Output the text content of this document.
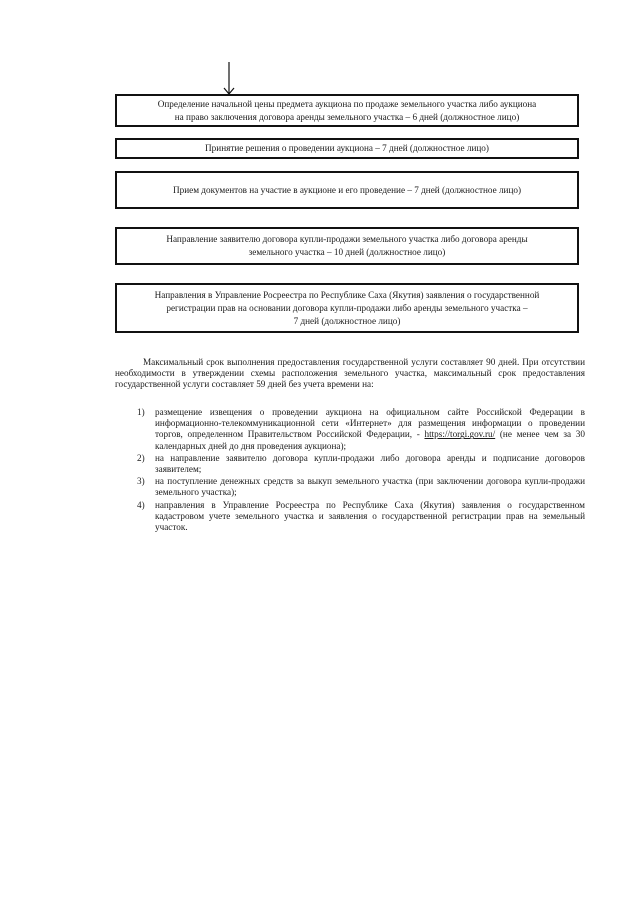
Определение начальной цены предмета аукциона по продаже земельного участка либо аукциона
на право заключения договора аренды земельного участка – 6 дней (должностное лицо)
Принятие решения о проведении аукциона – 7 дней (должностное лицо)
Прием документов на участие в аукционе и его проведение – 7 дней (должностное лицо)
Направление заявителю договора купли-продажи земельного участка либо договора аренды
земельного участка – 10 дней (должностное лицо)
Направления в Управление Росреестра по Республике Саха (Якутия) заявления о государственной
регистрации прав на основании договора купли-продажи либо аренды земельного участка –
7 дней (должностное лицо)

Максимальный срок выполнения предоставления государственной услуги составляет 90 дней. При отсутствии необходимости в утверждении схемы расположения земельного участка, максимальный срок предоставления государственной услуги составляет 59 дней без учета времени на:

1) размещение извещения о проведении аукциона на официальном сайте Российской Федерации в информационно-телекоммуникационной сети «Интернет» для размещения информации о проведении торгов, определенном Правительством Российской Федерации, - https://torgi.gov.ru/ (не менее чем за 30 календарных дней до дня проведения аукциона);
2) на направление заявителю договора купли-продажи либо договора аренды и подписание договоров заявителем;
3) на поступление денежных средств за выкуп земельного участка (при заключении договора купли-продажи земельного участка);
4) направления в Управление Росреестра по Республике Саха (Якутия) заявления о государственном кадастровом учете земельного участка и заявления о государственной регистрации прав на земельный участок.
